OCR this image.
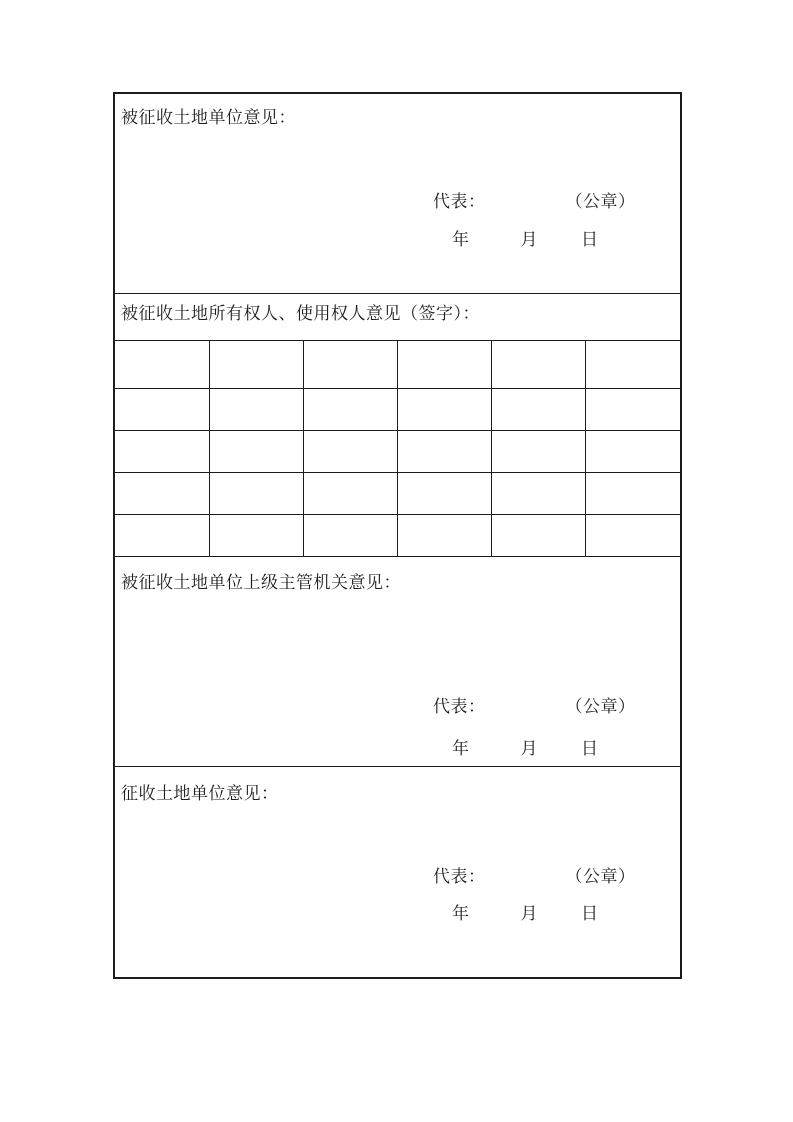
被征收土地单位意见：
代表：	（公章）
年	月	日
被征收土地所有权人、使用权人意见（签字）：

被征收土地单位上级主管机关意见：
代表：	（公章）
年	月	日
征收土地单位意见：
代表：	（公章）
年	月	日
